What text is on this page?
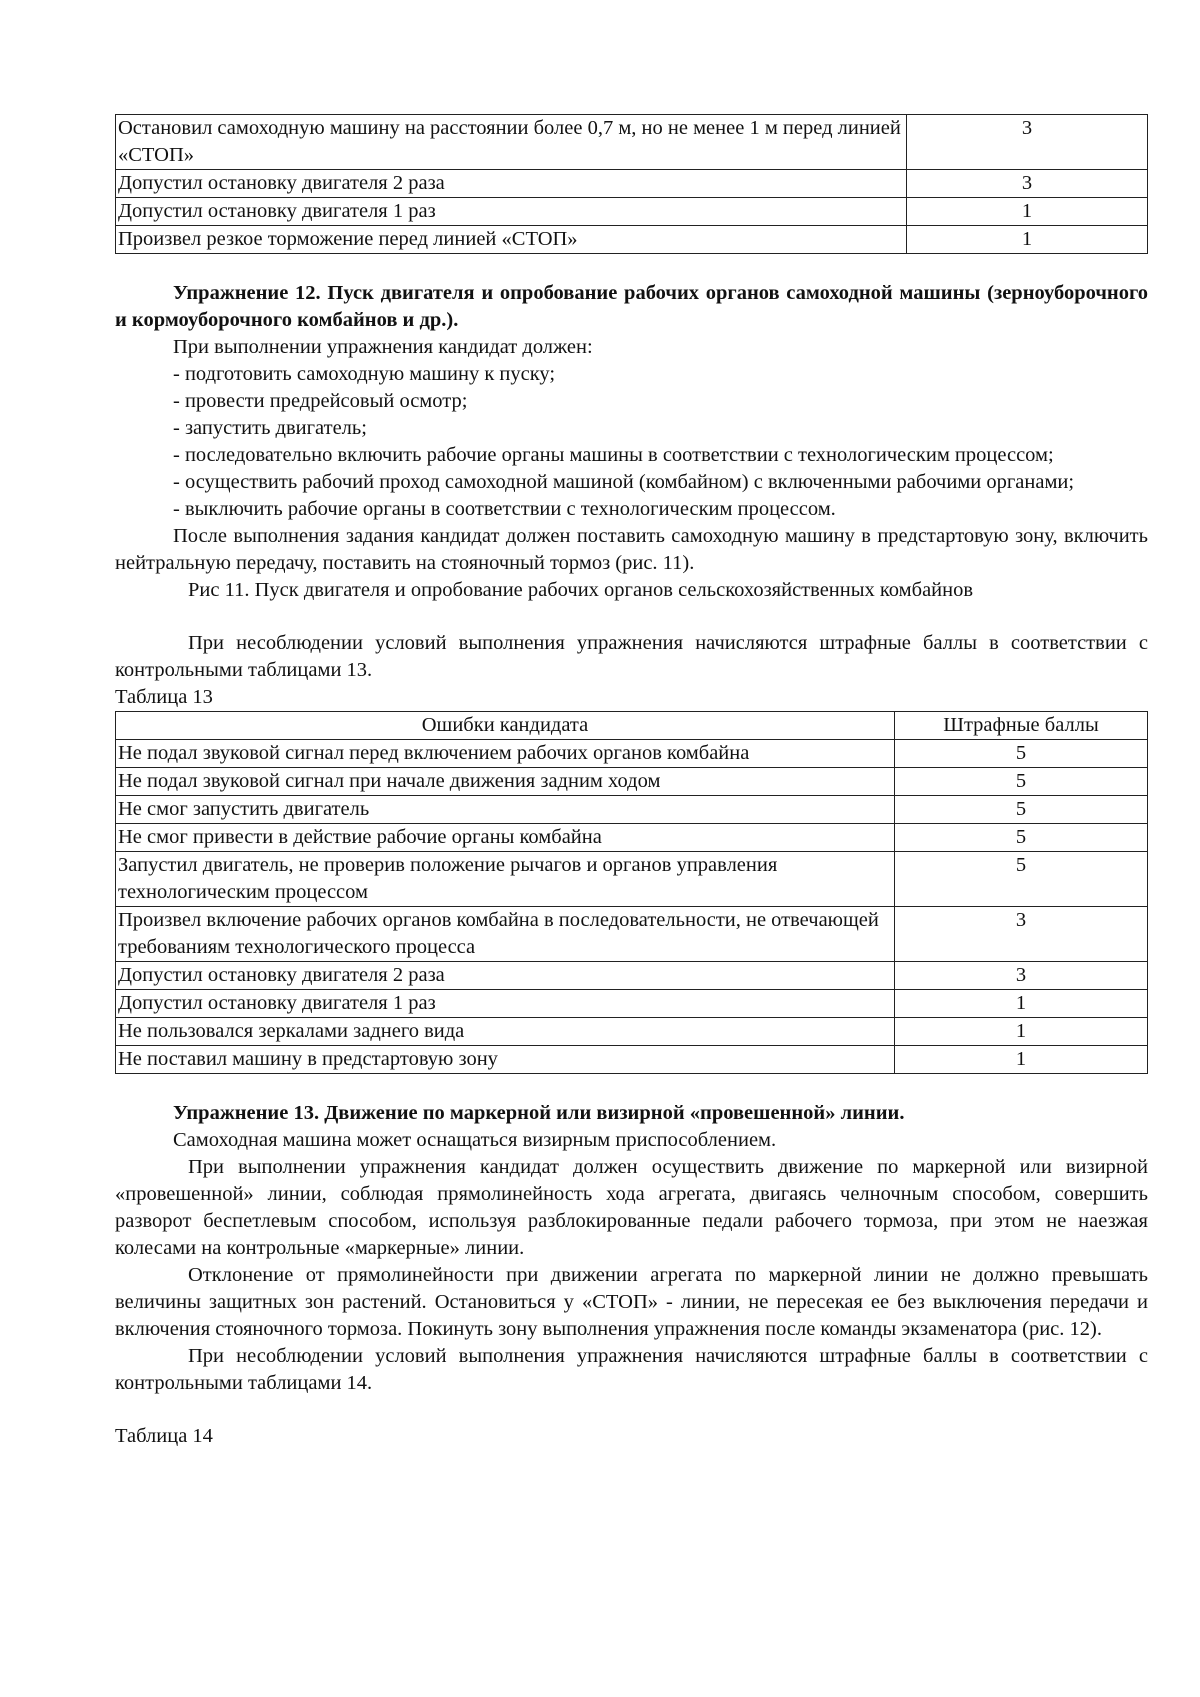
Остановил самоходную машину на расстоянии более 0,7 м, но не менее 1 м перед линией «СТОП»	3
Допустил остановку двигателя 2 раза	3
Допустил остановку двигателя 1 раз	1
Произвел резкое торможение перед линией «СТОП»	1

Упражнение 12. Пуск двигателя и опробование рабочих органов самоходной машины (зерноуборочного и кормоуборочного комбайнов и др.).

При выполнении упражнения кандидат должен:

- подготовить самоходную машину к пуску;

- провести предрейсовый осмотр;

- запустить двигатель;

- последовательно включить рабочие органы машины в соответствии с технологическим процессом;

- осуществить рабочий проход самоходной машиной (комбайном) с включенными рабочими органами;

- выключить рабочие органы в соответствии с технологическим процессом.

После выполнения задания кандидат должен поставить самоходную машину в предстартовую зону, включить нейтральную передачу, поставить на стояночный тормоз (рис. 11).

Рис 11. Пуск двигателя и опробование рабочих органов сельскохозяйственных комбайнов

При несоблюдении условий выполнения упражнения начисляются штрафные баллы в соответствии с контрольными таблицами 13.

Таблица 13

Ошибки кандидата	Штрафные баллы
Не подал звуковой сигнал перед включением рабочих органов комбайна	5
Не подал звуковой сигнал при начале движения задним ходом	5
Не смог запустить двигатель	5
Не смог привести в действие рабочие органы комбайна	5
Запустил двигатель, не проверив положение рычагов и органов управления технологическим процессом	5
Произвел включение рабочих органов комбайна в последовательности, не отвечающей требованиям технологического процесса	3
Допустил остановку двигателя 2 раза	3
Допустил остановку двигателя 1 раз	1
Не пользовался зеркалами заднего вида	1
Не поставил машину в предстартовую зону	1

Упражнение 13. Движение по маркерной или визирной «провешенной» линии.

Самоходная машина может оснащаться визирным приспособлением.

При выполнении упражнения кандидат должен осуществить движение по маркерной или визирной «провешенной» линии, соблюдая прямолинейность хода агрегата, двигаясь челночным способом, совершить разворот беспетлевым способом, используя разблокированные педали рабочего тормоза, при этом не наезжая колесами на контрольные «маркерные» линии.

Отклонение от прямолинейности при движении агрегата по маркерной линии не должно превышать величины защитных зон растений. Остановиться у «СТОП» - линии, не пересекая ее без выключения передачи и включения стояночного тормоза. Покинуть зону выполнения упражнения после команды экзаменатора (рис. 12).

При несоблюдении условий выполнения упражнения начисляются штрафные баллы в соответствии с контрольными таблицами 14.

Таблица 14
